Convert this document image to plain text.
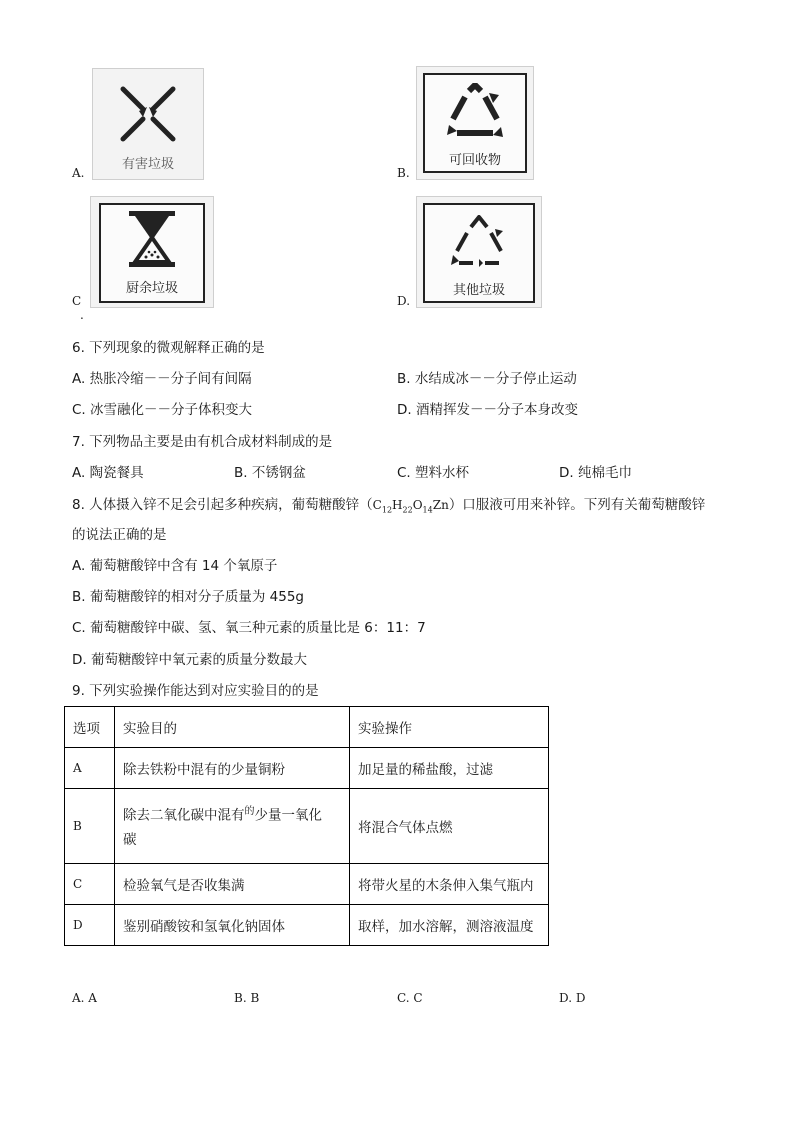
A.
有害垃圾
B.
可回收物
C
.
厨余垃圾
D.
其他垃圾
6. 下列现象的微观解释正确的是
A. 热胀冷缩－－分子间有间隔	B. 水结成冰－－分子停止运动
C. 冰雪融化－－分子体积变大	D. 酒精挥发－－分子本身改变
7. 下列物品主要是由有机合成材料制成的是
A. 陶瓷餐具	B. 不锈钢盆	C. 塑料水杯	D. 纯棉毛巾
8. 人体摄入锌不足会引起多种疾病，葡萄糖酸锌$(C_{12}H_{22}O_{14}Zn)$口服液可用来补锌。下列有关葡萄糖酸锌
的说法正确的是
A. 葡萄糖酸锌中含有 14 个氧原子
B. 葡萄糖酸锌的相对分子质量为 455g
C. 葡萄糖酸锌中碳、氢、氧三种元素的质量比是 6：11：7
D. 葡萄糖酸锌中氧元素的质量分数最大
9. 下列实验操作能达到对应实验目的的是
选项	实验目的	实验操作
A	除去铁粉中混有的少量铜粉	加足量的稀盐酸，过滤
B	除去二氧化碳中混有$^的$少量一氧化
碳	将混合气体点燃
C	检验氧气是否收集满	将带火星的木条伸入集气瓶内
D	鉴别硝酸铵和氢氧化钠固体	取样，加水溶解，测溶液温度
A. A	B. B	C. C	D. D
